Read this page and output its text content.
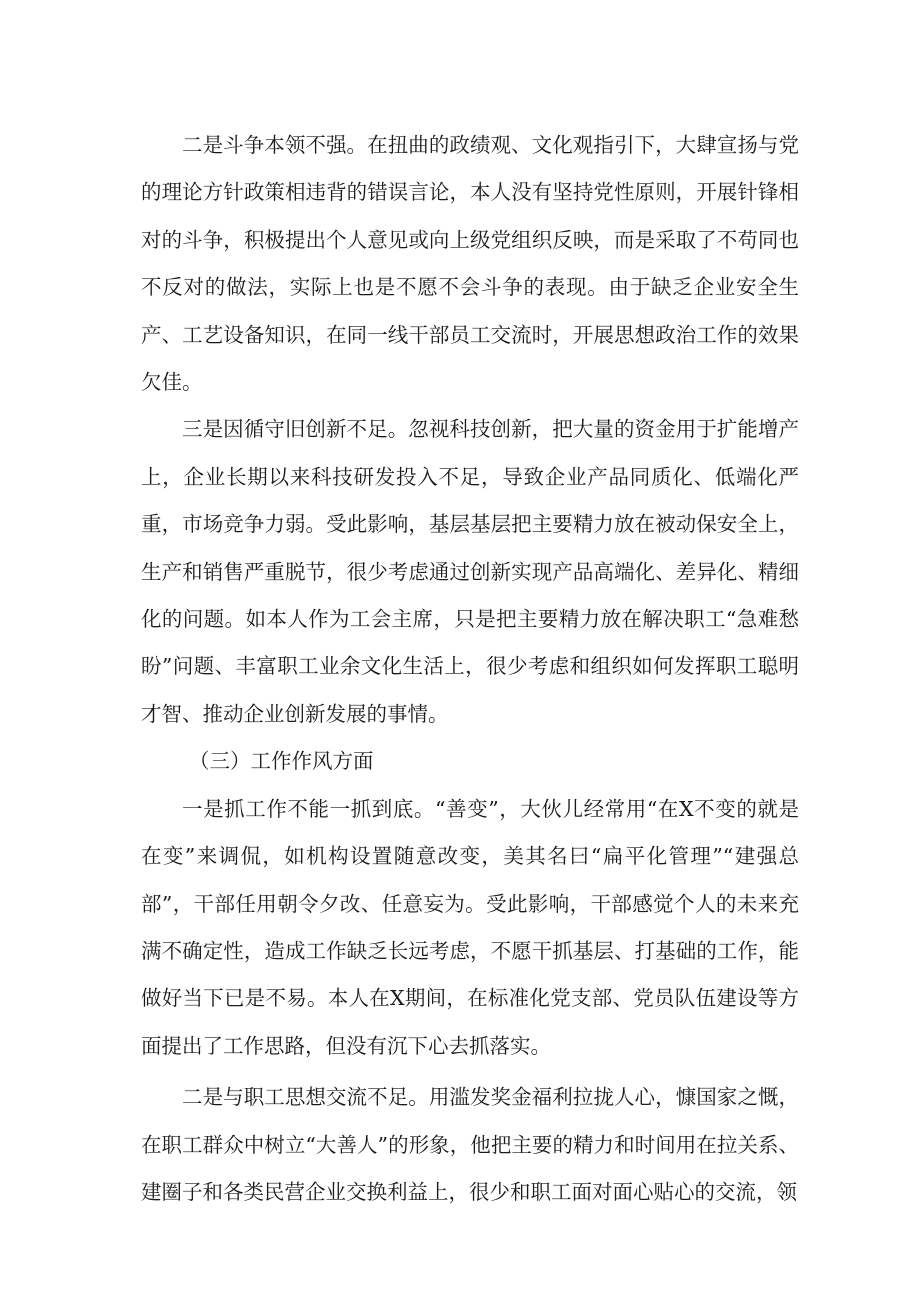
二是斗争本领不强。在扭曲的政绩观、文化观指引下，大肆宣扬与党的理论方针政策相违背的错误言论，本人没有坚持党性原则，开展针锋相对的斗争，积极提出个人意见或向上级党组织反映，而是采取了不苟同也不反对的做法，实际上也是不愿不会斗争的表现。由于缺乏企业安全生产、工艺设备知识，在同一线干部员工交流时，开展思想政治工作的效果欠佳。

三是因循守旧创新不足。忽视科技创新，把大量的资金用于扩能增产上，企业长期以来科技研发投入不足，导致企业产品同质化、低端化严重，市场竞争力弱。受此影响，基层基层把主要精力放在被动保安全上，生产和销售严重脱节，很少考虑通过创新实现产品高端化、差异化、精细化的问题。如本人作为工会主席，只是把主要精力放在解决职工“急难愁盼”问题、丰富职工业余文化生活上，很少考虑和组织如何发挥职工聪明才智、推动企业创新发展的事情。

（三）工作作风方面

一是抓工作不能一抓到底。“善变”，大伙儿经常用“在X不变的就是在变”来调侃，如机构设置随意改变，美其名曰“扁平化管理”“建强总部”，干部任用朝令夕改、任意妄为。受此影响，干部感觉个人的未来充满不确定性，造成工作缺乏长远考虑，不愿干抓基层、打基础的工作，能做好当下已是不易。本人在X期间，在标准化党支部、党员队伍建设等方面提出了工作思路，但没有沉下心去抓落实。

二是与职工思想交流不足。用滥发奖金福利拉拢人心，慷国家之慨，在职工群众中树立“大善人”的形象，他把主要的精力和时间用在拉关系、建圈子和各类民营企业交换利益上，很少和职工面对面心贴心的交流，领
